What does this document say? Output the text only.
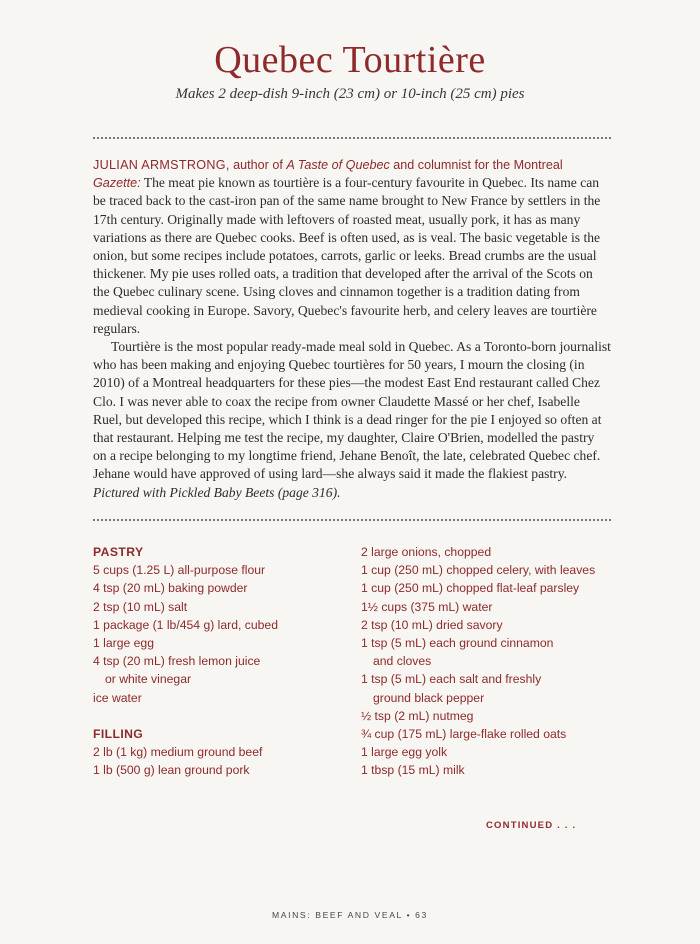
Quebec Tourtière
Makes 2 deep-dish 9-inch (23 cm) or 10-inch (25 cm) pies

JULIAN ARMSTRONG, author of A Taste of Quebec and columnist for the Montreal Gazette: The meat pie known as tourtière is a four-century favourite in Quebec. Its name can be traced back to the cast-iron pan of the same name brought to New France by settlers in the 17th century. Originally made with leftovers of roasted meat, usually pork, it has as many variations as there are Quebec cooks. Beef is often used, as is veal. The basic vegetable is the onion, but some recipes include potatoes, carrots, garlic or leeks. Bread crumbs are the usual thickener. My pie uses rolled oats, a tradition that developed after the arrival of the Scots on the Quebec culinary scene. Using cloves and cinnamon together is a tradition dating from medieval cooking in Europe. Savory, Quebec's favourite herb, and celery leaves are tourtière regulars.

Tourtière is the most popular ready-made meal sold in Quebec. As a Toronto-born journalist who has been making and enjoying Quebec tourtières for 50 years, I mourn the closing (in 2010) of a Montreal headquarters for these pies—the modest East End restaurant called Chez Clo. I was never able to coax the recipe from owner Claudette Massé or her chef, Isabelle Ruel, but developed this recipe, which I think is a dead ringer for the pie I enjoyed so often at that restaurant. Helping me test the recipe, my daughter, Claire O'Brien, modelled the pastry on a recipe belonging to my longtime friend, Jehane Benoît, the late, celebrated Quebec chef. Jehane would have approved of using lard—she always said it made the flakiest pastry. Pictured with Pickled Baby Beets (page 316).

PASTRY
5 cups (1.25 L) all-purpose flour
4 tsp (20 mL) baking powder
2 tsp (10 mL) salt
1 package (1 lb/454 g) lard, cubed
1 large egg
4 tsp (20 mL) fresh lemon juice
or white vinegar
ice water
FILLING
2 lb (1 kg) medium ground beef
1 lb (500 g) lean ground pork
2 large onions, chopped
1 cup (250 mL) chopped celery, with leaves
1 cup (250 mL) chopped flat-leaf parsley
1½ cups (375 mL) water
2 tsp (10 mL) dried savory
1 tsp (5 mL) each ground cinnamon
and cloves
1 tsp (5 mL) each salt and freshly
ground black pepper
½ tsp (2 mL) nutmeg
¾ cup (175 mL) large-flake rolled oats
1 large egg yolk
1 tbsp (15 mL) milk
CONTINUED . . .
MAINS: BEEF AND VEAL • 63
